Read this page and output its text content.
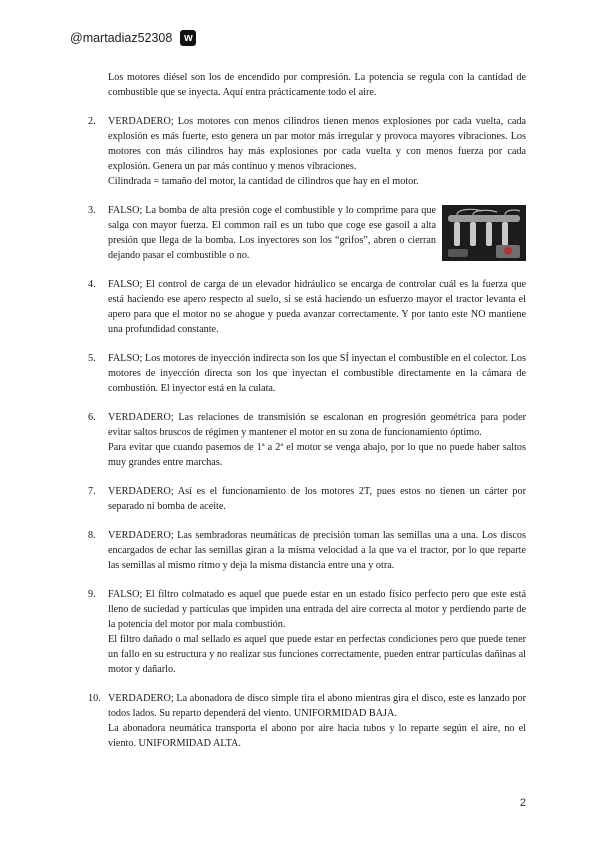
@martadiaz52308	w

Los motores diésel son los de encendido por compresión. La potencia se regula con la cantidad de combustible que se inyecta. Aquí entra prácticamente todo el aire.

2. VERDADERO; Los motores con menos cilindros tienen menos explosiones por cada vuelta, cada explosión es más fuerte, esto genera un par motor más irregular y provoca mayores vibraciones. Los motores con más cilindros hay más explosiones por cada vuelta y con menos fuerza por cada explosión. Genera un par más continuo y menos vibraciones.

Cilindrada = tamaño del motor, la cantidad de cilindros que hay en el motor.

3. FALSO; La bomba de alta presión coge el combustible y lo comprime para que salga con mayor fuerza. El common rail es un tubo que coge ese gasoil a alta presión que llega de la bomba. Los inyectores son los “grifos”, abren o cierran dejando pasar el combustible o no.

4. FALSO; El control de carga de un elevador hidráulico se encarga de controlar cuál es la fuerza que está haciendo ese apero respecto al suelo, si se está haciendo un esfuerzo mayor el tractor levanta el apero para que el motor no se ahogue y pueda avanzar correctamente. Y por tanto este NO mantiene una profundidad constante.

5. FALSO; Los motores de inyección indirecta son los que SÍ inyectan el combustible en el colector. Los motores de inyección directa son los que inyectan el combustible directamente en la cámara de combustión. El inyector está en la culata.

6. VERDADERO; Las relaciones de transmisión se escalonan en progresión geométrica para poder evitar saltos bruscos de régimen y mantener el motor en su zona de funcionamiento óptimo.

Para evitar que cuando pasemos de 1ª a 2ª el motor se venga abajo, por lo que no puede haber saltos muy grandes entre marchas.

7. VERDADERO; Así es el funcionamiento de los motores 2T, pues estos no tienen un cárter por separado ni bomba de aceite.

8. VERDADERO; Las sembradoras neumáticas de precisión toman las semillas una a una. Los discos encargados de echar las semillas giran a la misma velocidad a la que va el tractor, por lo que reparte las semillas al mismo ritmo y deja la misma distancia entre una y otra.

9. FALSO; El filtro colmatado es aquel que puede estar en un estado físico perfecto pero que este está lleno de suciedad y partículas que impiden una entrada del aire correcta al motor y perdiendo parte de la potencia del motor por mala combustión.

El filtro dañado o mal sellado es aquel que puede estar en perfectas condiciones pero que puede tener un fallo en su estructura y no realizar sus funciones correctamente, pueden entrar partículas dañinas al motor y dañarlo.

10. VERDADERO; La abonadora de disco simple tira el abono mientras gira el disco, este es lanzado por todos lados. Su reparto dependerá del viento. UNIFORMIDAD BAJA.

La abonadora neumática transporta el abono por aire hacia tubos y lo reparte según el aire, no el viento. UNIFORMIDAD ALTA.

2
